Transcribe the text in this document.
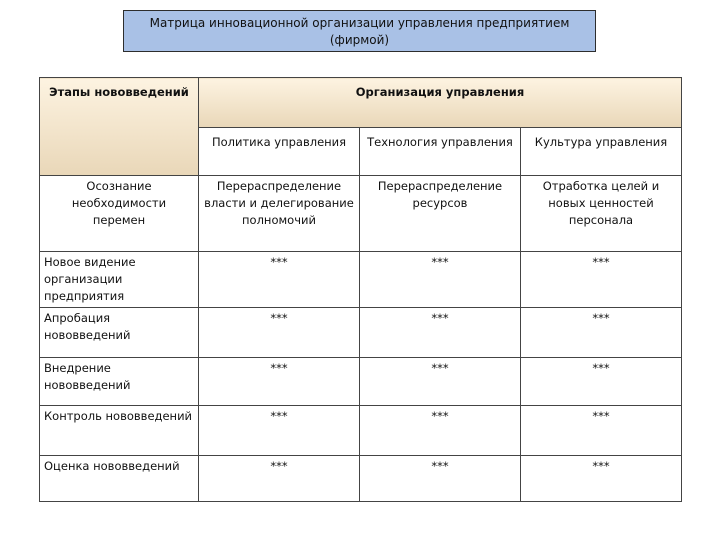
Матрица инновационной организации управления предприятием
(фирмой)
Этапы нововведений	Организация управления		
	Политика управления	Технология управления	Культура управления
Осознание необходимости перемен	Перераспределение власти и делегирование полномочий	Перераспределение ресурсов	Отработка целей и новых ценностей персонала
Новое видение организации предприятия	***	***	***
Апробация нововведений	***	***	***
Внедрение нововведений	***	***	***
Контроль нововведений	***	***	***
Оценка нововведений	***	***	***
